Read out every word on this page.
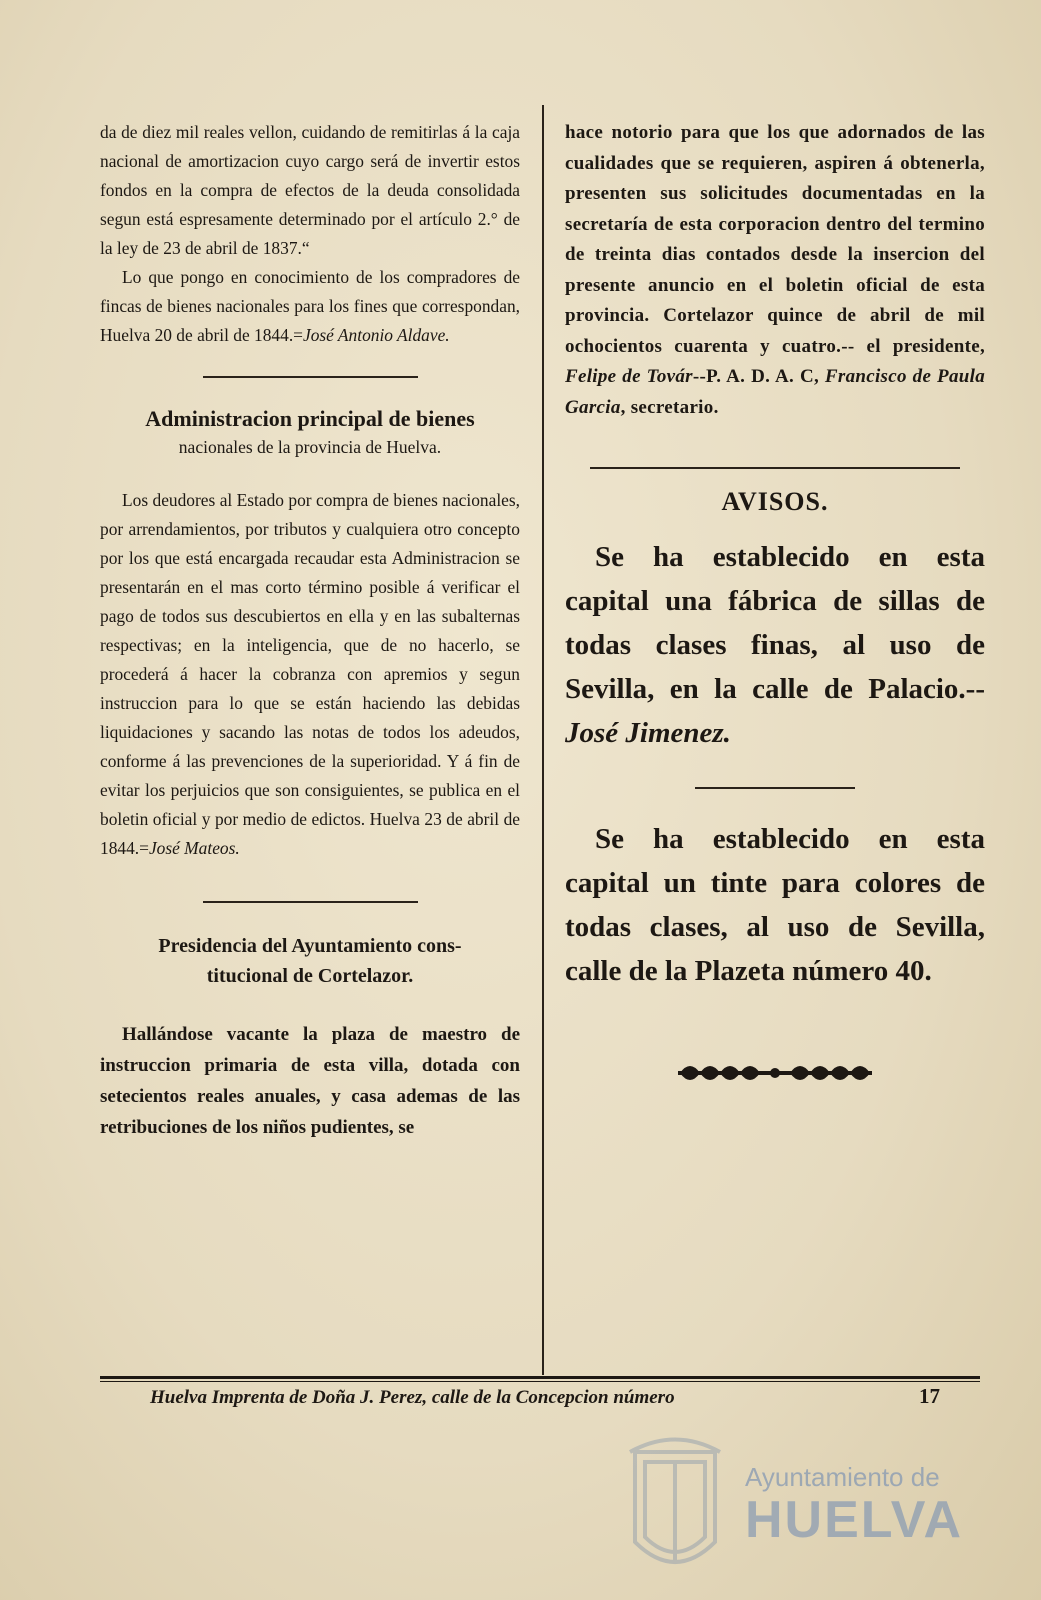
da de diez mil reales vellon, cuidando de remitirlas á la caja nacional de amortizacion cuyo cargo será de invertir estos fondos en la compra de efectos de la deuda consolidada segun está espresamente determinado por el artículo 2.° de la ley de 23 de abril de 1837.“

Lo que pongo en conocimiento de los compradores de fincas de bienes nacionales para los fines que correspondan, Huelva 20 de abril de 1844.=José Antonio Aldave.

Administracion principal de bienes
nacionales de la provincia de Huelva.

Los deudores al Estado por compra de bienes nacionales, por arrendamientos, por tributos y cualquiera otro concepto por los que está encargada recaudar esta Administracion se presentarán en el mas corto término posible á verificar el pago de todos sus descubiertos en ella y en las subalternas respectivas; en la inteligencia, que de no hacerlo, se procederá á hacer la cobranza con apremios y segun instruccion para lo que se están haciendo las debidas liquidaciones y sacando las notas de todos los adeudos, conforme á las prevenciones de la superioridad. Y á fin de evitar los perjuicios que son consiguientes, se publica en el boletin oficial y por medio de edictos. Huelva 23 de abril de 1844.=José Mateos.

Presidencia del Ayuntamiento cons-
titucional de Cortelazor.

Hallándose vacante la plaza de maestro de instruccion primaria de esta villa, dotada con setecientos reales anuales, y casa ademas de las retribuciones de los niños pudientes, se

hace notorio para que los que adornados de las cualidades que se requieren, aspiren á obtenerla, presenten sus solicitudes documentadas en la secretaría de esta corporacion dentro del termino de treinta dias contados desde la insercion del presente anuncio en el boletin oficial de esta provincia. Cortelazor quince de abril de mil ochocientos cuarenta y cuatro.-- el presidente, Felipe de Továr--P. A. D. A. C, Francisco de Paula Garcia, secretario.

AVISOS.

Se ha establecido en esta capital una fábrica de sillas de todas clases finas, al uso de Sevilla, en la calle de Palacio.--José Jimenez.

Se ha establecido en esta capital un tinte para colores de todas clases, al uso de Sevilla, calle de la Plazeta número 40.

Huelva Imprenta de Doña J. Perez, calle de la Concepcion número	17
Ayuntamiento de
HUELVA
